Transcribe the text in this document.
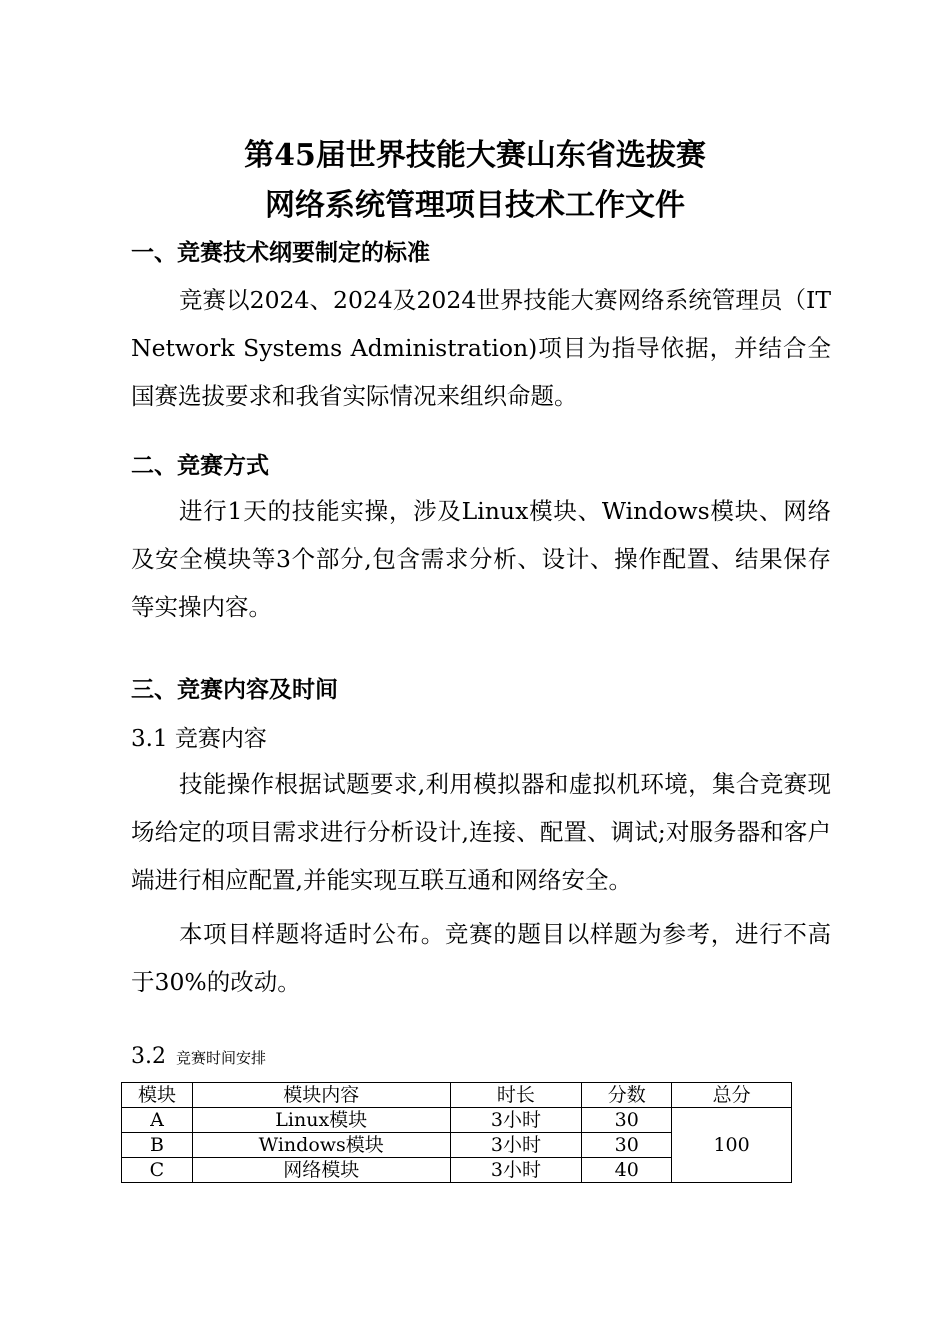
第45届世界技能大赛山东省选拔赛
网络系统管理项目技术工作文件
一、竞赛技术纲要制定的标准

竞赛以2024、2024及2024世界技能大赛网络系统管理员（IT Network Systems Administration)项目为指导依据，并结合全国赛选拔要求和我省实际情况来组织命题。

二、竞赛方式

进行1天的技能实操，涉及Linux模块、Windows模块、网络及安全模块等3个部分,包含需求分析、设计、操作配置、结果保存等实操内容。

三、竞赛内容及时间
3.1 竞赛内容

技能操作根据试题要求,利用模拟器和虚拟机环境，集合竞赛现场给定的项目需求进行分析设计,连接、配置、调试;对服务器和客户端进行相应配置,并能实现互联互通和网络安全。

本项目样题将适时公布。竞赛的题目以样题为参考，进行不高于30%的改动。

3.2 竞赛时间安排
模块	模块内容	时长	分数	总分
A	Linux模块	3小时	30	100
B	Windows模块	3小时	30	
C	网络模块	3小时	40	
